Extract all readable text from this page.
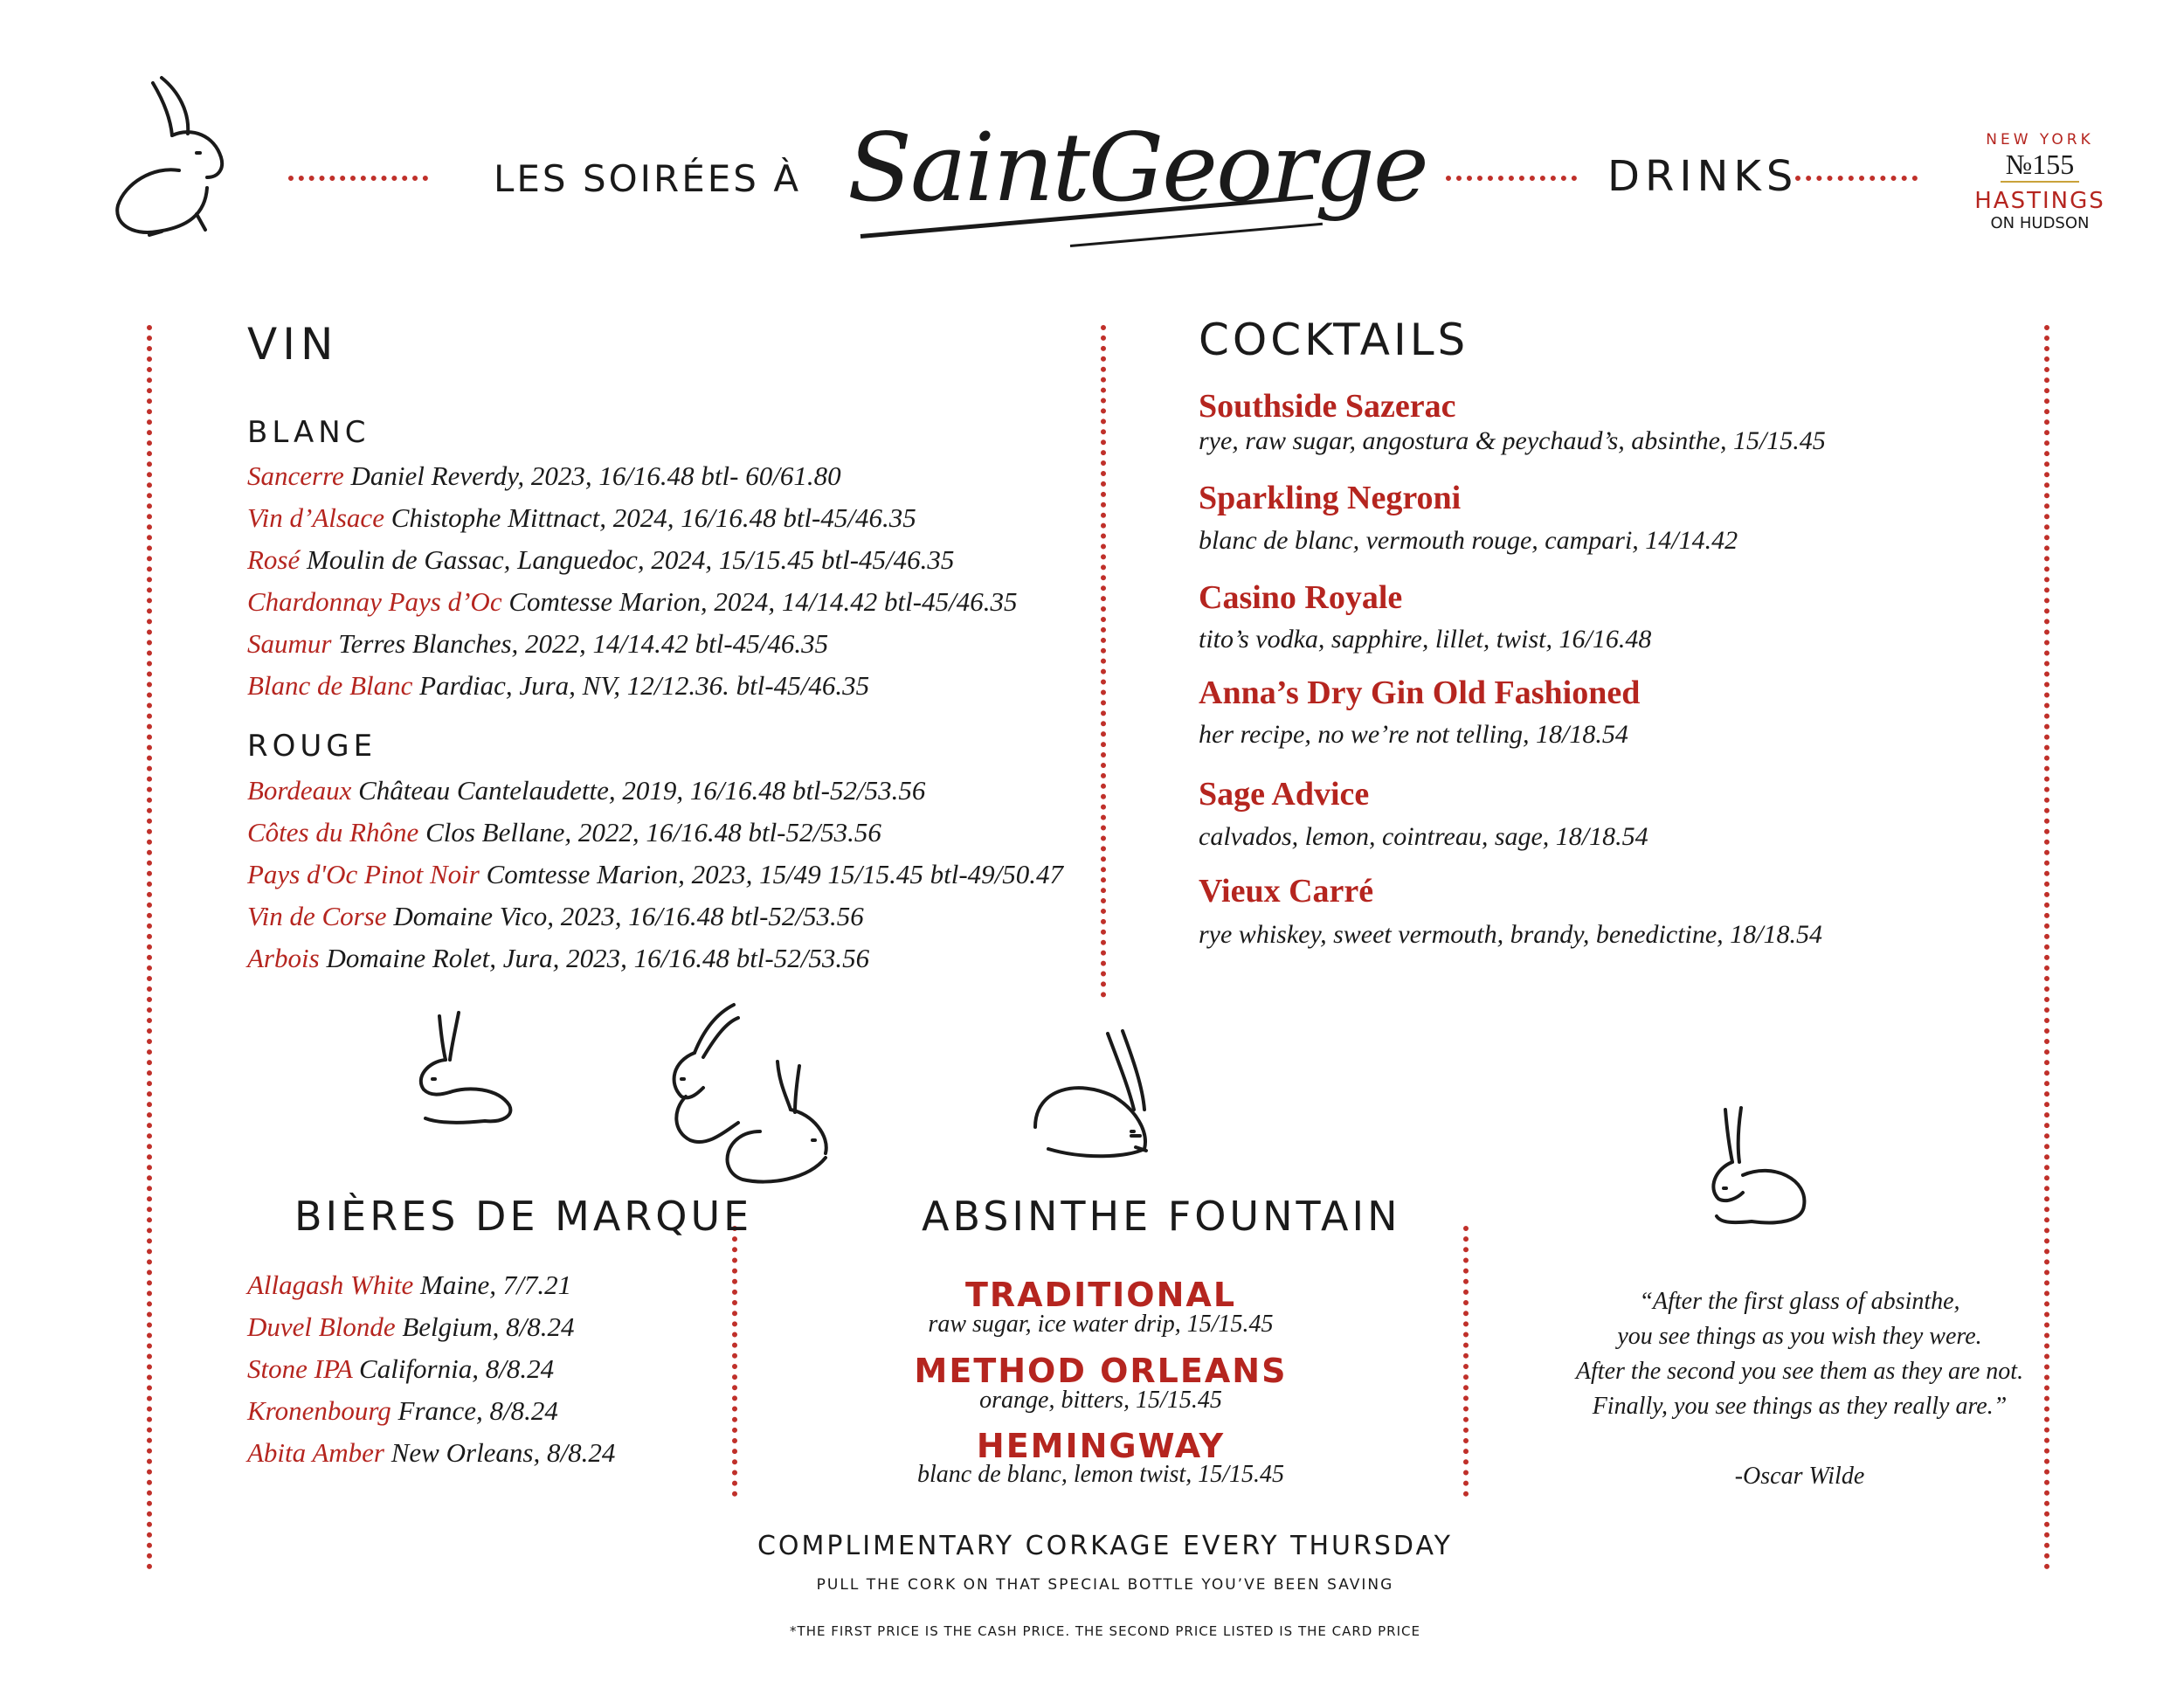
LES SOIRÉES À SaintGeorge	DRINKS
NEW YORK
№155
HASTINGS
ON HUDSON
VIN
BLANC
Sancerre Daniel Reverdy, 2023, 16/16.48 btl- 60/61.80
Vin d’Alsace Chistophe Mittnact, 2024, 16/16.48 btl-45/46.35
Rosé Moulin de Gassac, Languedoc, 2024, 15/15.45 btl-45/46.35
Chardonnay Pays d’Oc Comtesse Marion, 2024, 14/14.42 btl-45/46.35
Saumur Terres Blanches, 2022, 14/14.42 btl-45/46.35
Blanc de Blanc Pardiac, Jura, NV, 12/12.36. btl-45/46.35
ROUGE
Bordeaux Château Cantelaudette, 2019, 16/16.48 btl-52/53.56
Côtes du Rhône Clos Bellane, 2022, 16/16.48 btl-52/53.56
Pays d'Oc Pinot Noir Comtesse Marion, 2023, 15/49 15/15.45 btl-49/50.47
Vin de Corse Domaine Vico, 2023, 16/16.48 btl-52/53.56
Arbois Domaine Rolet, Jura, 2023, 16/16.48 btl-52/53.56
COCKTAILS
Southside Sazerac
rye, raw sugar, angostura & peychaud’s, absinthe, 15/15.45
Sparkling Negroni
blanc de blanc, vermouth rouge, campari, 14/14.42
Casino Royale
tito’s vodka, sapphire, lillet, twist, 16/16.48
Anna’s Dry Gin Old Fashioned
her recipe, no we’re not telling, 18/18.54
Sage Advice
calvados, lemon, cointreau, sage, 18/18.54
Vieux Carré
rye whiskey, sweet vermouth, brandy, benedictine, 18/18.54
BIÈRES DE MARQUE
Allagash White Maine, 7/7.21
Duvel Blonde Belgium, 8/8.24
Stone IPA California, 8/8.24
Kronenbourg France, 8/8.24
Abita Amber New Orleans, 8/8.24
ABSINTHE FOUNTAIN
TRADITIONAL
raw sugar, ice water drip, 15/15.45
METHOD ORLEANS
orange, bitters, 15/15.45
HEMINGWAY
blanc de blanc, lemon twist, 15/15.45
“After the first glass of absinthe,
you see things as you wish they were.
After the second you see them as they are not.
Finally, you see things as they really are.”
-Oscar Wilde
COMPLIMENTARY CORKAGE EVERY THURSDAY
PULL THE CORK ON THAT SPECIAL BOTTLE YOU’VE BEEN SAVING
*THE FIRST PRICE IS THE CASH PRICE. THE SECOND PRICE LISTED IS THE CARD PRICE
